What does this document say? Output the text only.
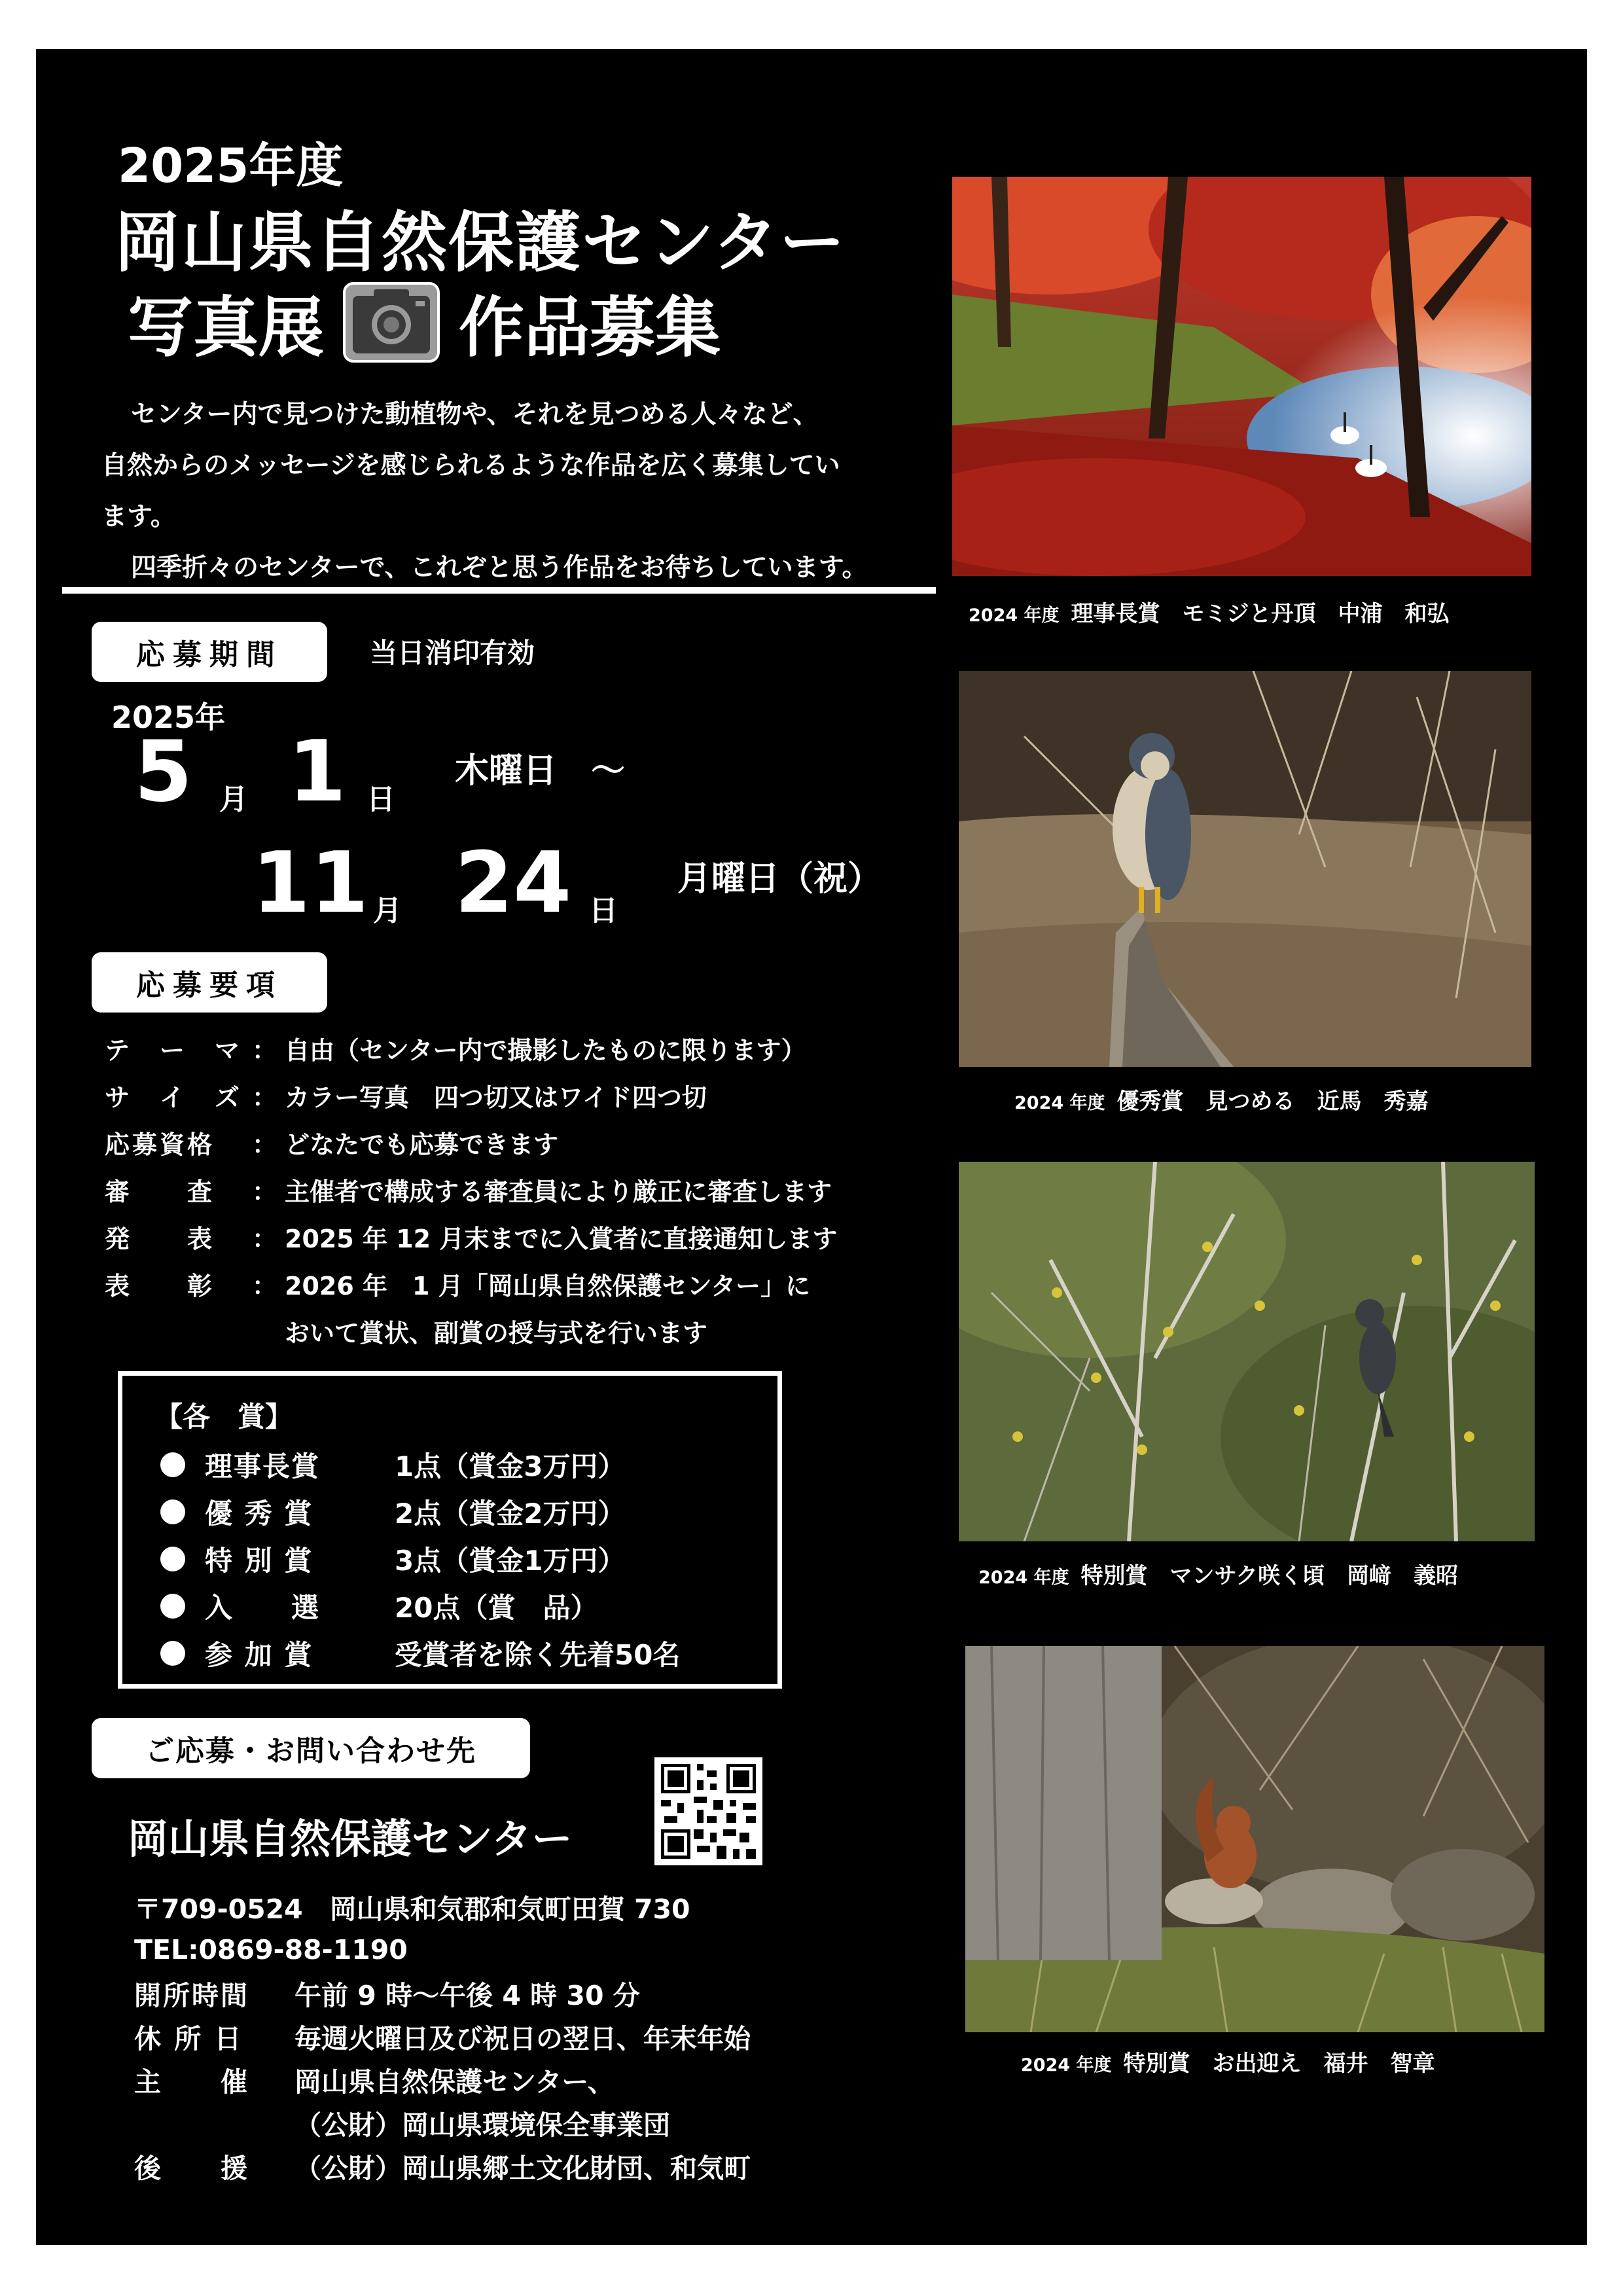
2025年度
岡山県自然保護センター
写真展 作品募集

センター内で見つけた動植物や、それを見つめる人々など、

自然からのメッセージを感じられるような作品を広く募集してい

ます。

四季折々のセンターで、これぞと思う作品をお待ちしています。

応募期間	当日消印有効
2025年
5 月 1 日
木曜日　～
11 月 24 日
月曜日（祝）
応募要項
テ　ー　マ ： 自由（センター内で撮影したものに限ります）
サ　イ　ズ ： カラー写真　四つ切又はワイド四つ切
応募資格	： どなたでも応募できます
審　　査	： 主催者で構成する審査員により厳正に審査します
発　　表	： 2025 年 12 月末までに入賞者に直接通知します
表　　彰	： 2026 年　1 月「岡山県自然保護センター」に
おいて賞状、副賞の授与式を行います
【各　賞】
理事長賞	1点（賞金3万円）
優 秀 賞	2点（賞金2万円）
特 別 賞	3点（賞金1万円）
入　　選	20点（賞　品）
参 加 賞	受賞者を除く先着50名
ご応募・お問い合わせ先
岡山県自然保護センター
〒709-0524　岡山県和気郡和気町田賀 730
TEL:0869-88-1190
開所時間	午前 9 時～午後 4 時 30 分
休 所 日	毎週火曜日及び祝日の翌日、年末年始
主　　催	岡山県自然保護センター、
（公財）岡山県環境保全事業団
後　　援	（公財）岡山県郷土文化財団、和気町
2024 年度 理事長賞　モミジと丹頂　中浦　和弘
2024 年度 優秀賞　見つめる　近馬　秀嘉
2024 年度 特別賞　マンサク咲く頃　岡﨑　義昭
2024 年度 特別賞　お出迎え　福井　智章
